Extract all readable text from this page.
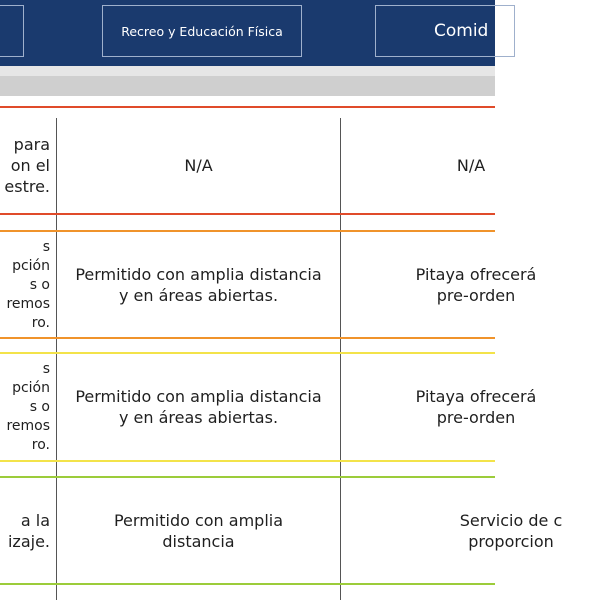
Recreo y Educación Física	Comid
para
on el
estre.
N/A	N/A
s
pción
s o
remos
ro.
Permitido con amplia distancia
y en áreas abiertas.
Pitaya ofrecerá
pre-orden
s
pción
s o
remos
ro.
Permitido con amplia distancia
y en áreas abiertas.
Pitaya ofrecerá
pre-orden
a la
izaje.
Permitido con amplia
distancia
Servicio de c
proporcion
